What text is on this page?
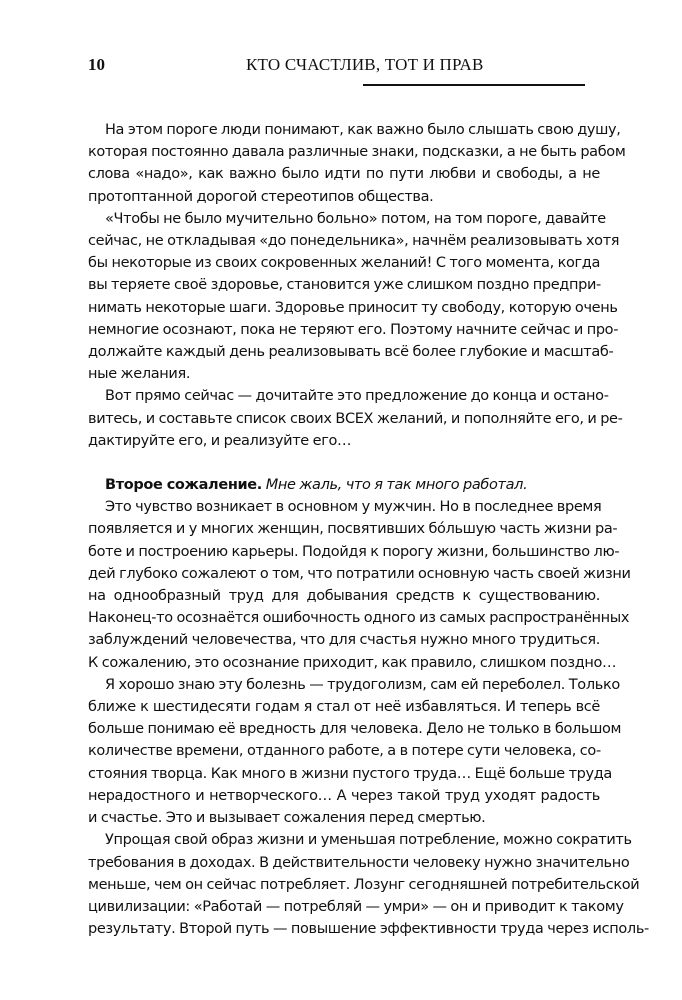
10	КТО СЧАСТЛИВ, ТОТ И ПРАВ
На этом пороге люди понимают, как важно было слышать свою душу,
которая постоянно давала различные знаки, подсказки, а не быть рабом
слова «надо», как важно было идти по пути любви и свободы, а не
протоптанной дорогой стереотипов общества.
«Чтобы не было мучительно больно» потом, на том пороге, давайте
сейчас, не откладывая «до понедельника», начнём реализовывать хотя
бы некоторые из своих сокровенных желаний! С того момента, когда
вы теряете своё здоровье, становится уже слишком поздно предпри-
нимать некоторые шаги. Здоровье приносит ту свободу, которую очень
немногие осознают, пока не теряют его. Поэтому начните сейчас и про-
должайте каждый день реализовывать всё более глубокие и масштаб-
ные желания.
Вот прямо сейчас — дочитайте это предложение до конца и остано-
витесь, и составьте список своих ВСЕХ желаний, и пополняйте его, и ре-
дактируйте его, и реализуйте его…
Второе сожаление. Мне жаль, что я так много работал.
Это чувство возникает в основном у мужчин. Но в последнее время
появляется и у многих женщин, посвятивших бóльшую часть жизни ра-
боте и построению карьеры. Подойдя к порогу жизни, большинство лю-
дей глубоко сожалеют о том, что потратили основную часть своей жизни
на однообразный труд для добывания средств к существованию.
Наконец-то осознаётся ошибочность одного из самых распространённых
заблуждений человечества, что для счастья нужно много трудиться.
К сожалению, это осознание приходит, как правило, слишком поздно…
Я хорошо знаю эту болезнь — трудоголизм, сам ей переболел. Только
ближе к шестидесяти годам я стал от неё избавляться. И теперь всё
больше понимаю её вредность для человека. Дело не только в большом
количестве времени, отданного работе, а в потере сути человека, со-
стояния творца. Как много в жизни пустого труда… Ещё больше труда
нерадостного и нетворческого… А через такой труд уходят радость
и счастье. Это и вызывает сожаления перед смертью.
Упрощая свой образ жизни и уменьшая потребление, можно сократить
требования в доходах. В действительности человеку нужно значительно
меньше, чем он сейчас потребляет. Лозунг сегодняшней потребительской
цивилизации: «Работай — потребляй — умри» — он и приводит к такому
результату. Второй путь — повышение эффективности труда через исполь-
